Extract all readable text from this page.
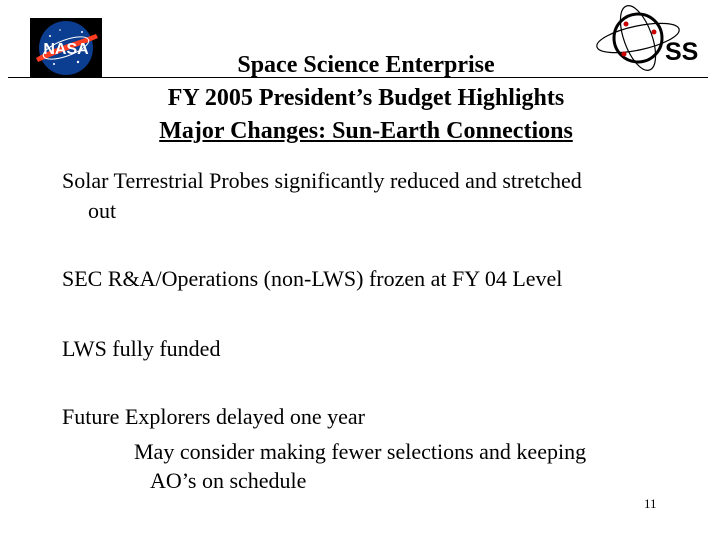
NASA	SS
Space Science Enterprise
FY 2005 President’s Budget Highlights
Major Changes: Sun-Earth Connections
Solar Terrestrial Probes significantly reduced and stretched
out
SEC R&A/Operations (non-LWS) frozen at FY 04 Level
LWS fully funded
Future Explorers delayed one year
May consider making fewer selections and keeping
AO’s on schedule
11
